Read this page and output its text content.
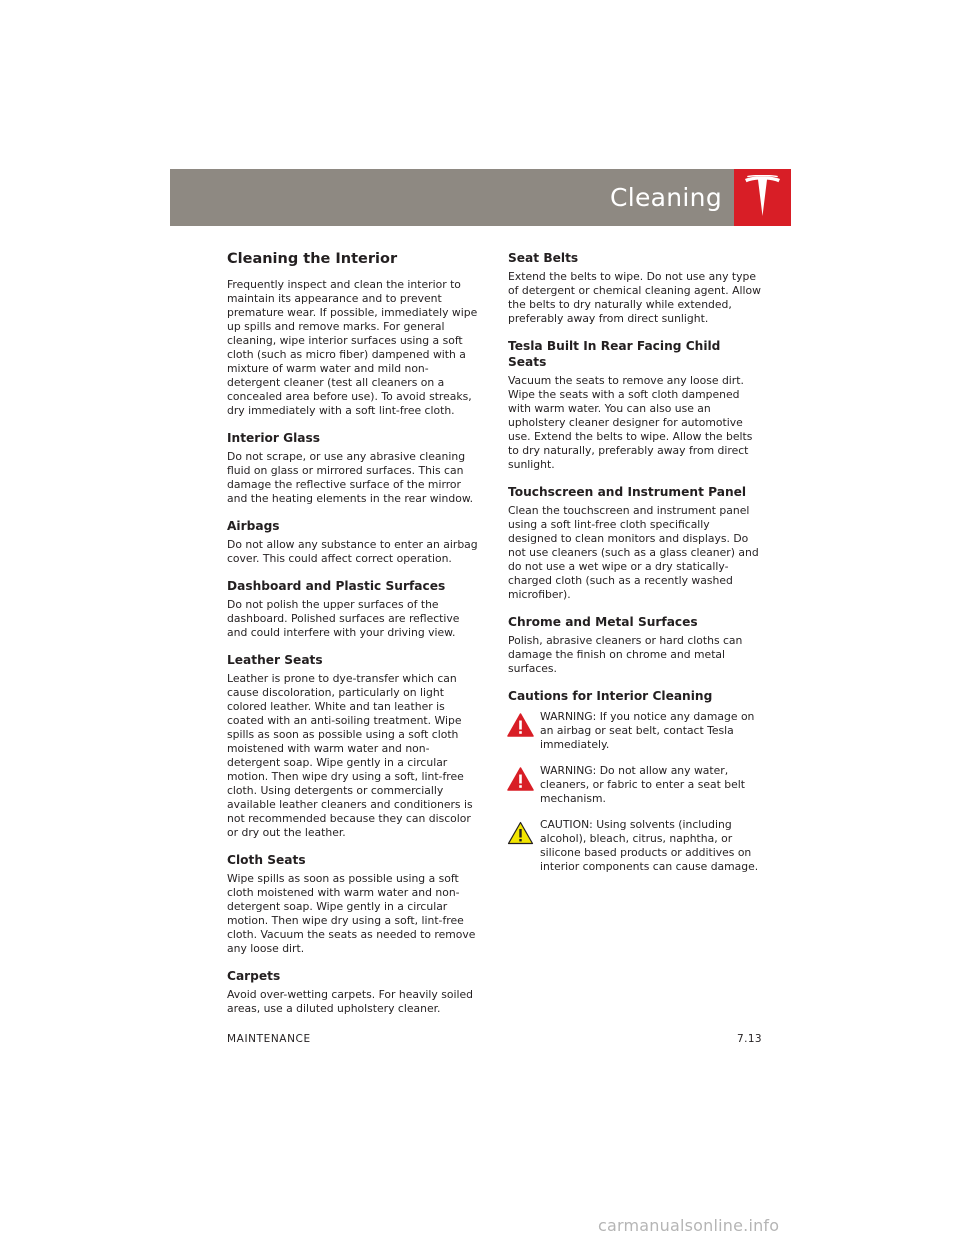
Cleaning
Cleaning the Interior

Frequently inspect and clean the interior to maintain its appearance and to prevent premature wear. If possible, immediately wipe up spills and remove marks. For general cleaning, wipe interior surfaces using a soft cloth (such as micro fiber) dampened with a mixture of warm water and mild non-detergent cleaner (test all cleaners on a concealed area before use). To avoid streaks, dry immediately with a soft lint-free cloth.

Interior Glass

Do not scrape, or use any abrasive cleaning fluid on glass or mirrored surfaces. This can damage the reflective surface of the mirror and the heating elements in the rear window.

Airbags

Do not allow any substance to enter an airbag cover. This could affect correct operation.

Dashboard and Plastic Surfaces

Do not polish the upper surfaces of the dashboard. Polished surfaces are reflective and could interfere with your driving view.

Leather Seats

Leather is prone to dye-transfer which can cause discoloration, particularly on light colored leather. White and tan leather is coated with an anti-soiling treatment. Wipe spills as soon as possible using a soft cloth moistened with warm water and non-detergent soap. Wipe gently in a circular motion. Then wipe dry using a soft, lint-free cloth. Using detergents or commercially available leather cleaners and conditioners is not recommended because they can discolor or dry out the leather.

Cloth Seats

Wipe spills as soon as possible using a soft cloth moistened with warm water and non-detergent soap. Wipe gently in a circular motion. Then wipe dry using a soft, lint-free cloth. Vacuum the seats as needed to remove any loose dirt.

Carpets

Avoid over-wetting carpets. For heavily soiled areas, use a diluted upholstery cleaner.

Seat Belts

Extend the belts to wipe. Do not use any type of detergent or chemical cleaning agent. Allow the belts to dry naturally while extended, preferably away from direct sunlight.

Tesla Built In Rear Facing Child Seats

Vacuum the seats to remove any loose dirt. Wipe the seats with a soft cloth dampened with warm water. You can also use an upholstery cleaner designer for automotive use. Extend the belts to wipe. Allow the belts to dry naturally, preferably away from direct sunlight.

Touchscreen and Instrument Panel

Clean the touchscreen and instrument panel using a soft lint-free cloth specifically designed to clean monitors and displays. Do not use cleaners (such as a glass cleaner) and do not use a wet wipe or a dry statically-charged cloth (such as a recently washed microfiber).

Chrome and Metal Surfaces

Polish, abrasive cleaners or hard cloths can damage the finish on chrome and metal surfaces.

Cautions for Interior Cleaning

WARNING: If you notice any damage on an airbag or seat belt, contact Tesla immediately.

WARNING: Do not allow any water, cleaners, or fabric to enter a seat belt mechanism.

CAUTION: Using solvents (including alcohol), bleach, citrus, naphtha, or silicone based products or additives on interior components can cause damage.

MAINTENANCE	7.13
carmanualsonline.info
